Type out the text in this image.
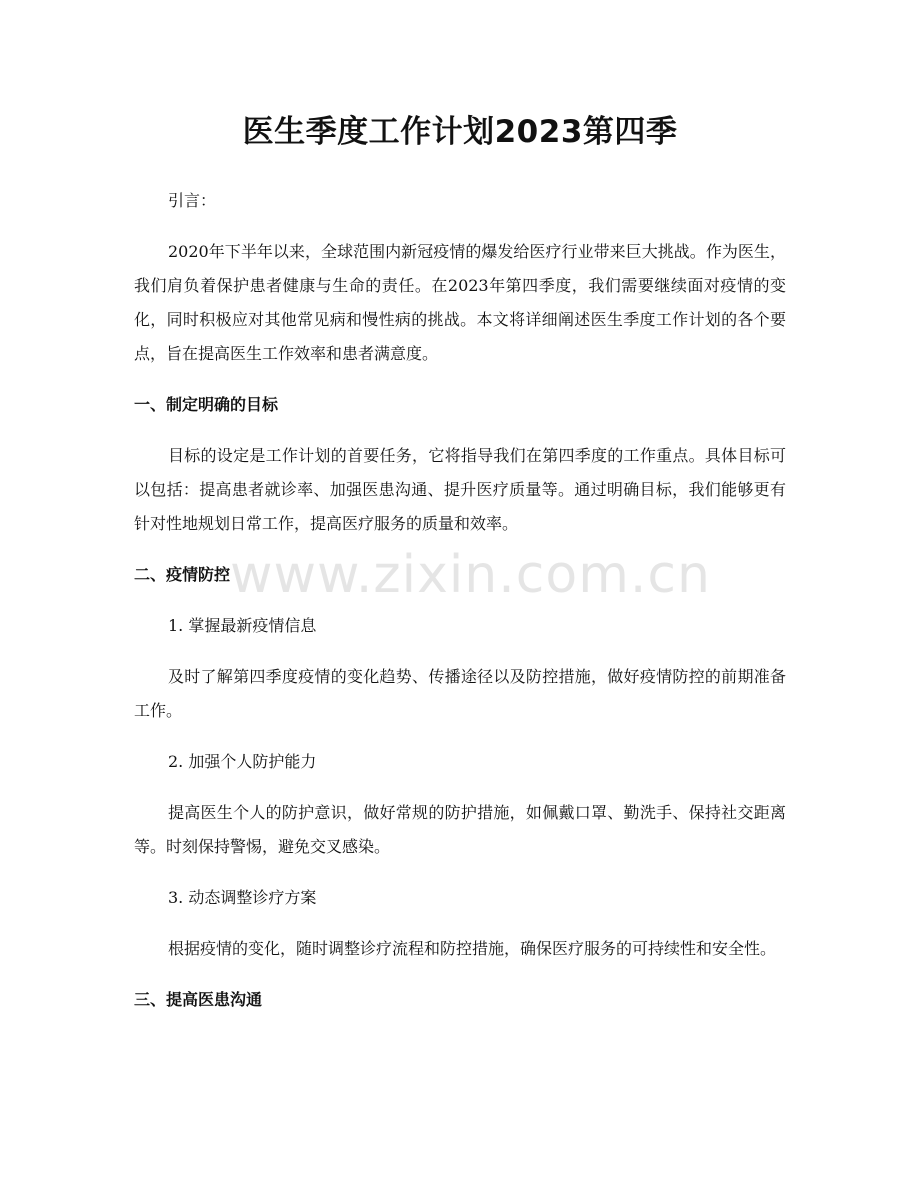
医生季度工作计划2023第四季

引言：

2020年下半年以来，全球范围内新冠疫情的爆发给医疗行业带来巨大挑战。作为医生，我们肩负着保护患者健康与生命的责任。在2023年第四季度，我们需要继续面对疫情的变化，同时积极应对其他常见病和慢性病的挑战。本文将详细阐述医生季度工作计划的各个要点，旨在提高医生工作效率和患者满意度。

一、制定明确的目标

目标的设定是工作计划的首要任务，它将指导我们在第四季度的工作重点。具体目标可以包括：提高患者就诊率、加强医患沟通、提升医疗质量等。通过明确目标，我们能够更有针对性地规划日常工作，提高医疗服务的质量和效率。

二、疫情防控

1. 掌握最新疫情信息

及时了解第四季度疫情的变化趋势、传播途径以及防控措施，做好疫情防控的前期准备工作。

2. 加强个人防护能力

提高医生个人的防护意识，做好常规的防护措施，如佩戴口罩、勤洗手、保持社交距离等。时刻保持警惕，避免交叉感染。

3. 动态调整诊疗方案

根据疫情的变化，随时调整诊疗流程和防控措施，确保医疗服务的可持续性和安全性。

三、提高医患沟通

www.zixin.com.cn
